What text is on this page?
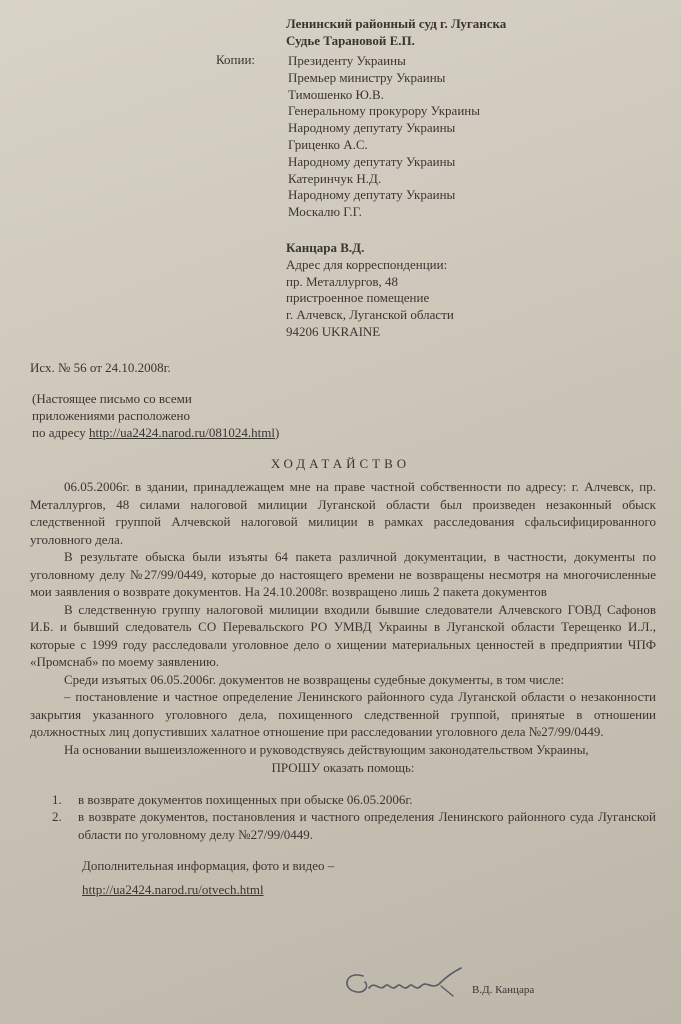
Ленинский районный суд г. Луганска
Судье Тарановой Е.П.
Копии:	Президенту Украины
Премьер министру Украины
Тимошенко Ю.В.
Генеральному прокурору Украины
Народному депутату Украины
Гриценко А.С.
Народному депутату Украины
Катеринчук Н.Д.
Народному депутату Украины
Москалю Г.Г.
Канцара В.Д.
Адрес для корреспонденции:
пр. Металлургов, 48
пристроенное помещение
г. Алчевск, Луганской области
94206 UKRAINE
Исх. № 56 от 24.10.2008г.
(Настоящее письмо со всеми
приложениями расположено
по адресу http://ua2424.narod.ru/081024.html)
ХОДАТАЙСТВО

06.05.2006г. в здании, принадлежащем мне на праве частной собственности по адресу: г. Алчевск, пр. Металлургов, 48 силами налоговой милиции Луганской области был произведен незаконный обыск следственной группой Алчевской налоговой милиции в рамках расследования сфальсифицированного уголовного дела.

В результате обыска были изъяты 64 пакета различной документации, в частности, документы по уголовному делу №27/99/0449, которые до настоящего времени не возвращены несмотря на многочисленные мои заявления о возврате документов. На 24.10.2008г. возвращено лишь 2 пакета документов

В следственную группу налоговой милиции входили бывшие следователи Алчевского ГОВД Сафонов И.Б. и бывший следователь СО Перевальского РО УМВД Украины в Луганской области Терещенко И.Л., которые с 1999 году расследовали уголовное дело о хищении материальных ценностей в предприятии ЧПФ «Промснаб» по моему заявлению.

Среди изъятых 06.05.2006г. документов не возвращены судебные документы, в том числе:

– постановление и частное определение Ленинского районного суда Луганской области о незаконности закрытия указанного уголовного дела, похищенного следственной группой, принятые в отношении должностных лиц допустивших халатное отношение при расследовании уголовного дела №27/99/0449.

На основании вышеизложенного и руководствуясь действующим законодательством Украины,

ПРОШУ оказать помощь:

1. в возврате документов похищенных при обыске 06.05.2006г.
2. в возврате документов, постановления и частного определения Ленинского районного суда Луганской области по уголовному делу №27/99/0449.

Дополнительная информация, фото и видео –

http://ua2424.narod.ru/otvech.html

В.Д. Канцара
